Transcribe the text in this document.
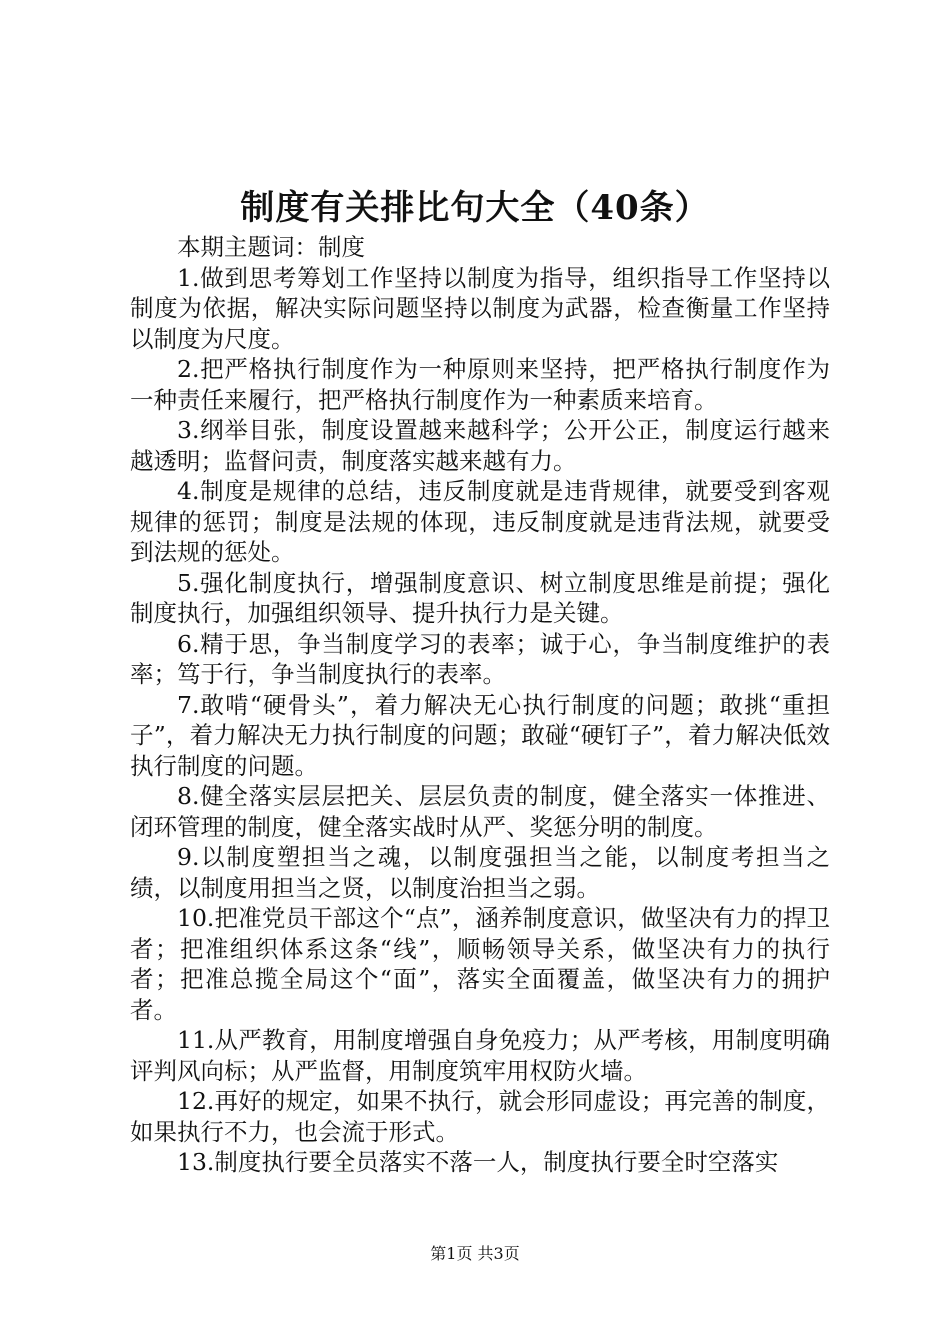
制度有关排比句大全（40条）

本期主题词：制度

1.做到思考筹划工作坚持以制度为指导，组织指导工作坚持以制度为依据，解决实际问题坚持以制度为武器，检查衡量工作坚持以制度为尺度。

2.把严格执行制度作为一种原则来坚持，把严格执行制度作为一种责任来履行，把严格执行制度作为一种素质来培育。

3.纲举目张，制度设置越来越科学；公开公正，制度运行越来越透明；监督问责，制度落实越来越有力。

4.制度是规律的总结，违反制度就是违背规律，就要受到客观规律的惩罚；制度是法规的体现，违反制度就是违背法规，就要受到法规的惩处。

5.强化制度执行，增强制度意识、树立制度思维是前提；强化制度执行，加强组织领导、提升执行力是关键。

6.精于思，争当制度学习的表率；诚于心，争当制度维护的表率；笃于行，争当制度执行的表率。

7.敢啃“硬骨头”，着力解决无心执行制度的问题；敢挑“重担子”，着力解决无力执行制度的问题；敢碰“硬钉子”，着力解决低效执行制度的问题。

8.健全落实层层把关、层层负责的制度，健全落实一体推进、闭环管理的制度，健全落实战时从严、奖惩分明的制度。

9.以制度塑担当之魂，以制度强担当之能，以制度考担当之绩，以制度用担当之贤，以制度治担当之弱。

10.把准党员干部这个“点”，涵养制度意识，做坚决有力的捍卫者；把准组织体系这条“线”，顺畅领导关系，做坚决有力的执行者；把准总揽全局这个“面”，落实全面覆盖，做坚决有力的拥护者。

11.从严教育，用制度增强自身免疫力；从严考核，用制度明确评判风向标；从严监督，用制度筑牢用权防火墙。

12.再好的规定，如果不执行，就会形同虚设；再完善的制度，如果执行不力，也会流于形式。

13.制度执行要全员落实不落一人，制度执行要全时空落实

第1页 共3页
